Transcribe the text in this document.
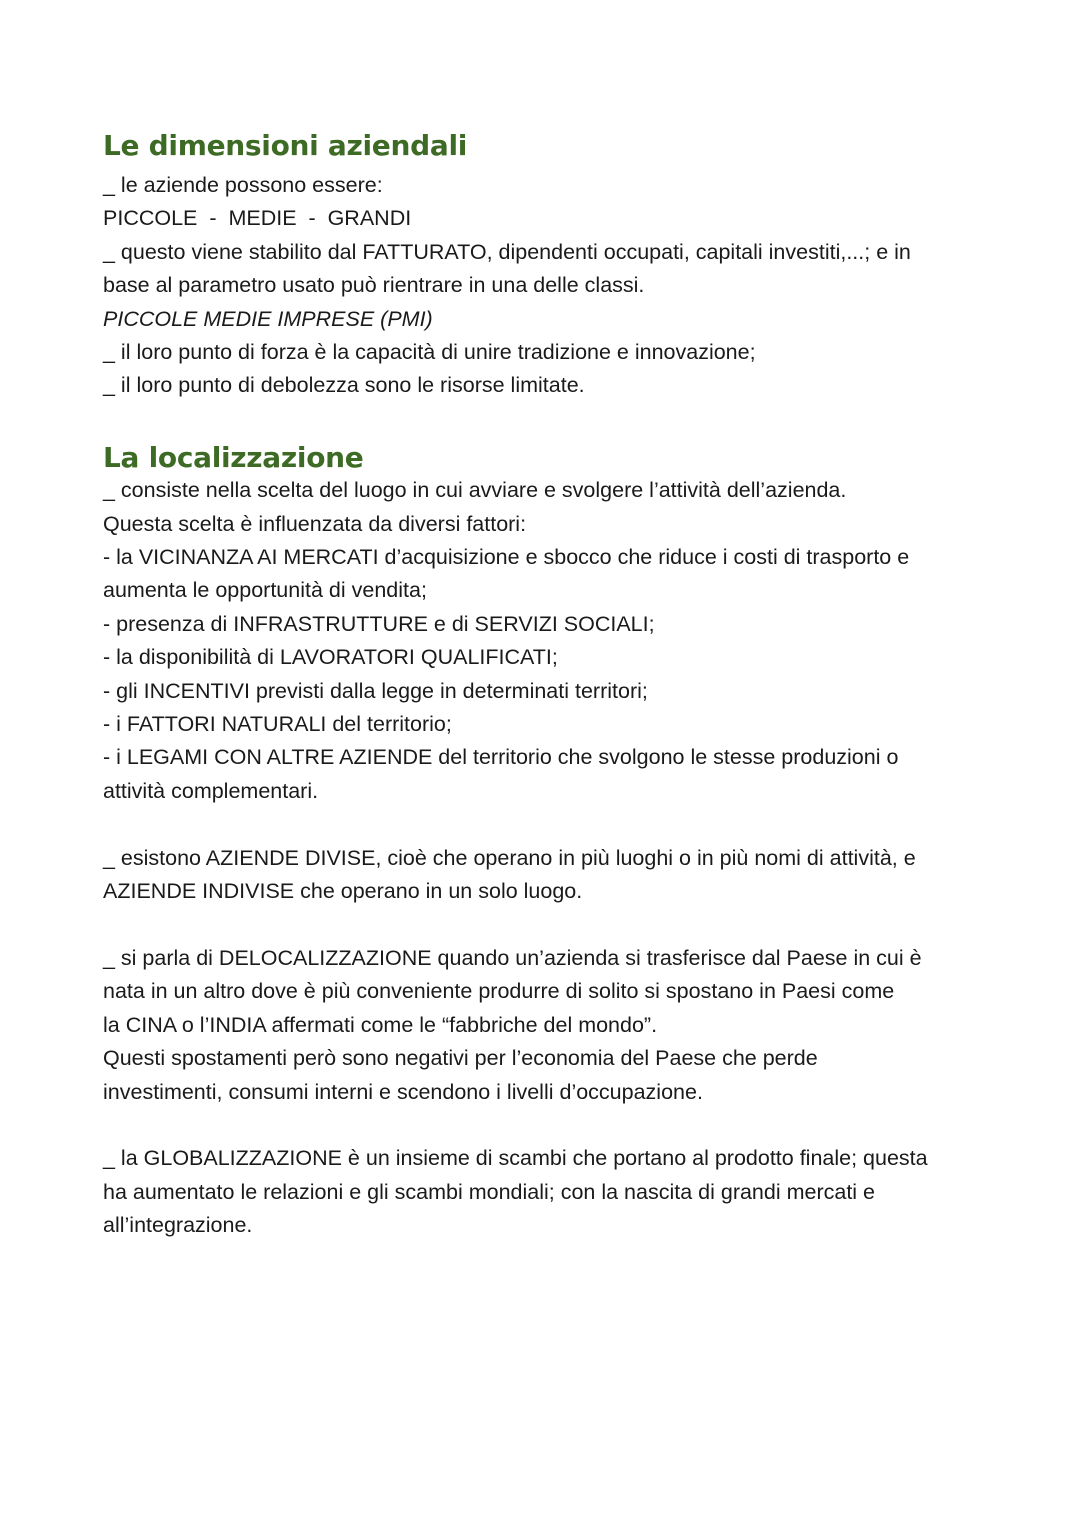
Le dimensioni aziendali

_ le aziende possono essere:

PICCOLE  -  MEDIE  -  GRANDI

_ questo viene stabilito dal FATTURATO, dipendenti occupati, capitali investiti,...; e in

base al parametro usato può rientrare in una delle classi.

PICCOLE MEDIE IMPRESE (PMI)

_ il loro punto di forza è la capacità di unire tradizione e innovazione;

_ il loro punto di debolezza sono le risorse limitate.

La localizzazione

_ consiste nella scelta del luogo in cui avviare e svolgere l’attività dell’azienda.

Questa scelta è influenzata da diversi fattori:

- la VICINANZA AI MERCATI d’acquisizione e sbocco che riduce i costi di trasporto e

aumenta le opportunità di vendita;

- presenza di INFRASTRUTTURE e di SERVIZI SOCIALI;

- la disponibilità di LAVORATORI QUALIFICATI;

- gli INCENTIVI previsti dalla legge in determinati territori;

- i FATTORI NATURALI del territorio;

- i LEGAMI CON ALTRE AZIENDE del territorio che svolgono le stesse produzioni o

attività complementari.

_ esistono AZIENDE DIVISE, cioè che operano in più luoghi o in più nomi di attività, e

AZIENDE INDIVISE che operano in un solo luogo.

_ si parla di DELOCALIZZAZIONE quando un’azienda si trasferisce dal Paese in cui è

nata in un altro dove è più conveniente produrre di solito si spostano in Paesi come

la CINA o l’INDIA affermati come le “fabbriche del mondo”.

Questi spostamenti però sono negativi per l’economia del Paese che perde

investimenti, consumi interni e scendono i livelli d’occupazione.

_ la GLOBALIZZAZIONE è un insieme di scambi che portano al prodotto finale; questa

ha aumentato le relazioni e gli scambi mondiali; con la nascita di grandi mercati e

all’integrazione.
